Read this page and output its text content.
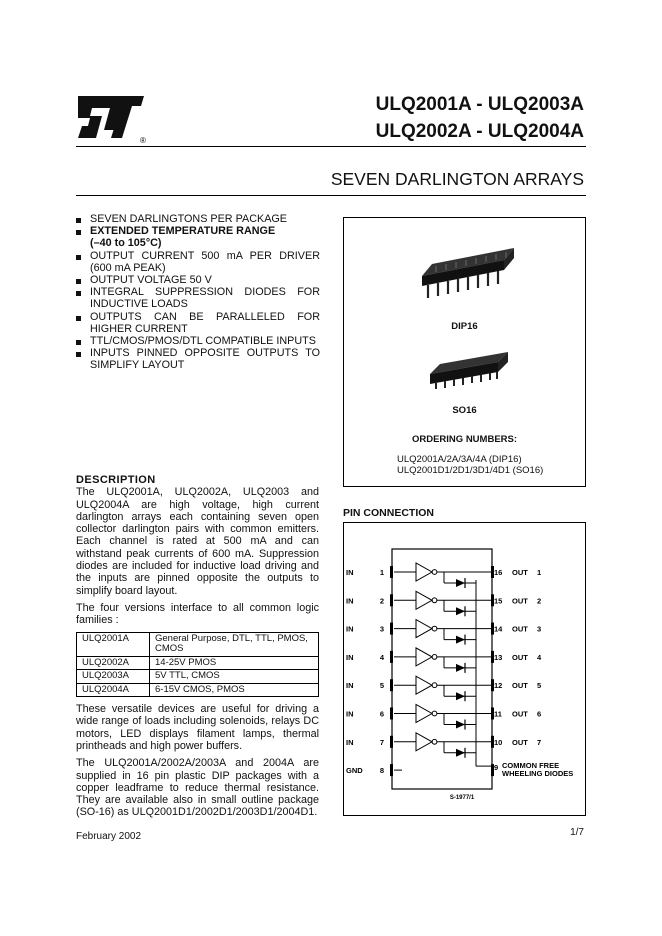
®
ULQ2001A - ULQ2003A
ULQ2002A - ULQ2004A
SEVEN DARLINGTON ARRAYS
SEVEN DARLINGTONS PER PACKAGE
EXTENDED TEMPERATURE RANGE
(–40 to 105°C)
OUTPUT CURRENT 500 mA PER DRIVER (600 mA PEAK)
OUTPUT VOLTAGE 50 V
INTEGRAL SUPPRESSION DIODES FOR INDUCTIVE LOADS
OUTPUTS CAN BE PARALLELED FOR HIGHER CURRENT
TTL/CMOS/PMOS/DTL COMPATIBLE INPUTS
INPUTS PINNED OPPOSITE OUTPUTS TO SIMPLIFY LAYOUT
DIP16
SO16
ORDERING NUMBERS:
ULQ2001A/2A/3A/4A (DIP16)
ULQ2001D1/2D1/3D1/4D1 (SO16)
DESCRIPTION

The ULQ2001A, ULQ2002A, ULQ2003 and ULQ2004A are high voltage, high current darlington arrays each containing seven open collector darlington pairs with common emitters. Each channel is rated at 500 mA and can withstand peak currents of 600 mA. Suppression diodes are included for inductive load driving and the inputs are pinned opposite the outputs to simplify board layout.

The four versions interface to all common logic families :

ULQ2001A	General Purpose, DTL, TTL, PMOS, CMOS
ULQ2002A	14-25V PMOS
ULQ2003A	5V TTL, CMOS
ULQ2004A	6-15V CMOS, PMOS

These versatile devices are useful for driving a wide range of loads including solenoids, relays DC motors, LED displays filament lamps, thermal printheads and high power buffers.

The ULQ2001A/2002A/2003A and 2004A are supplied in 16 pin plastic DIP packages with a copper leadframe to reduce thermal resistance. They are available also in small outline package (SO-16) as ULQ2001D1/2002D1/2003D1/2004D1.

PIN CONNECTION
IN	1
IN	2
IN	3
IN	4
IN	5
IN	6
IN	7
GND 8
16 OUT 1
15 OUT 2
14 OUT 3
13 OUT 4
12 OUT 5
11 OUT 6
10 OUT 7
9 COMMON FREE
WHEELING DIODES
S-1977/1
February 2002	1/7
